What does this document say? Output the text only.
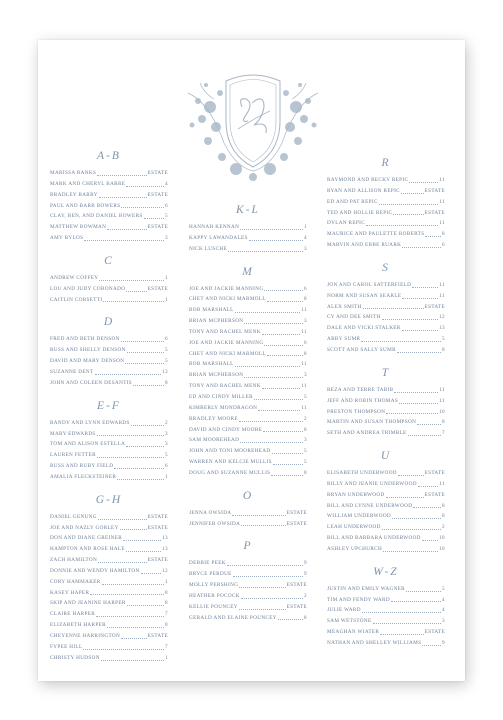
A-B
MARISSA BANKS	ESTATE
MARK AND CHERYL BARRE	4
BRADLEY BARRY	ESTATE
PAUL AND BARB BOWERS	6
CLAY, BEN, AND DANIEL BOWERS	5
MATTHEW BOWMAN	ESTATE
AMY BYLOS	3
C
ANDREW COFFEY	1
LOU AND JUDY CORONADO	ESTATE
CAITLIN CORSETTI	1
D
FRED AND BETH DENSON	6
RUSS AND SHELLY DENSON	5
DAVID AND MARY DENSON	5
SUZANNE DENT	13
JOHN AND COLEEN DESANTIS	8
E-F
RANDY AND LYNN EDWARDS	2
MARY EDWARDS	3
TOM AND ALISON ESTELLA	3
LAUREN FETTER	5
RUSS AND RUBY FIELD	6
AMALIA FLECKSTEINER	1
G-H
DANIEL GENUNG	ESTATE
JOE AND NAZLY GORLEY	ESTATE
DON AND DIANE GREINER	13
HAMPTON AND ROSE HALE	13
ZACH HAMILTON	ESTATE
DONNIE AND WENDY HAMILTON	12
CORY HAMMAKER	1
KASEY HAPER	8
SKIP AND JEANINE HARPER	8
CLAIRE HARPER	7
ELIZABETH HARPER	8
CHEYENNE HARRINGTON	ESTATE
FYPEE HILL	7
CHRISTY HUDSON	1
K-L
HANNAH KENNAN	1
KAPPY LAWANDALES	4
NICK LUSCHE	3
M
JOE AND JACKIE MANNING	6
CHET AND NICKI MARMOLL	8
BOB MARSHALL	11
BRIAN MCPHERSON	3
TONY AND RACHEL MENK	11
JOE AND JACKIE MANNING	6
CHET AND NICKI MARMOLL	8
BOB MARSHALL	11
BRIAN MCPHERSON	3
TONY AND RACHEL MENK	11
ED AND CINDY MILLER	5
KIMBERLY MONDRAGON	11
BRADLEY MOORE	2
DAVID AND CINDY MOORE	8
SAM MOOREHEAD	3
JOHN AND TONI MOOREHEAD	5
WARREN AND KELCIE MULLIS	5
DOUG AND SUZANNE MULLIS	8
O
JENNA OWSIDA	ESTATE
JENNIFER OWSIDA	ESTATE
P
DEBBIE PEEK	9
BRYCE PERDUE	9
MOLLY PERSHING	ESTATE
HEATHER POCOCK	2
KELLIE POUNCEY	ESTATE
GERALD AND ELAINE POUNCEY	8
R
RAYMOND AND BECKY REPIC	11
RYAN AND ALLISON REPIC	ESTATE
ED AND PAT REPIC	11
TED AND HOLLIE REPIC	ESTATE
DYLAN REPIC	11
MAURICE AND PAULETTE ROBERTS	8
MARVIN AND EBBE RUARK	6
S
JON AND CAROL SATTERFIELD	11
NORM AND SUSAN SEARLE	11
ALEX SMITH	ESTATE
CY AND DEE SMITH	12
DALE AND VICKI STALKER	13
ABBY SUMR	5
SCOTT AND SALLY SUMR	8
T
REZA AND TERRE TABIB	11
JEFF AND ROBIN THOMAS	11
PRESTON THOMPSON	10
MARTIN AND SUSAN THOMPSON	8
SETH AND ANDREA TRIMBLE	7
U
ELISABETH UNDERWOOD	ESTATE
BILLY AND JEANIE UNDERWOOD	11
BRYAN UNDERWOOD	ESTATE
BILL AND LYNNE UNDERWOOD	8
WILLIAM UNDERWOOD	8
LEAH UNDERWOOD	2
BILL AND BARBARA UNDERWOOD	10
ASHLEY UPCHURCH	10
W-Z
JUSTIN AND EMILY WAGNER	5
TIM AND FENDY WARD	4
JULIE WARD	4
SAM WETSTONE	3
MEAGHAN WIATER	ESTATE
NATHAN AND SHELLEY WILLIAMS	9
